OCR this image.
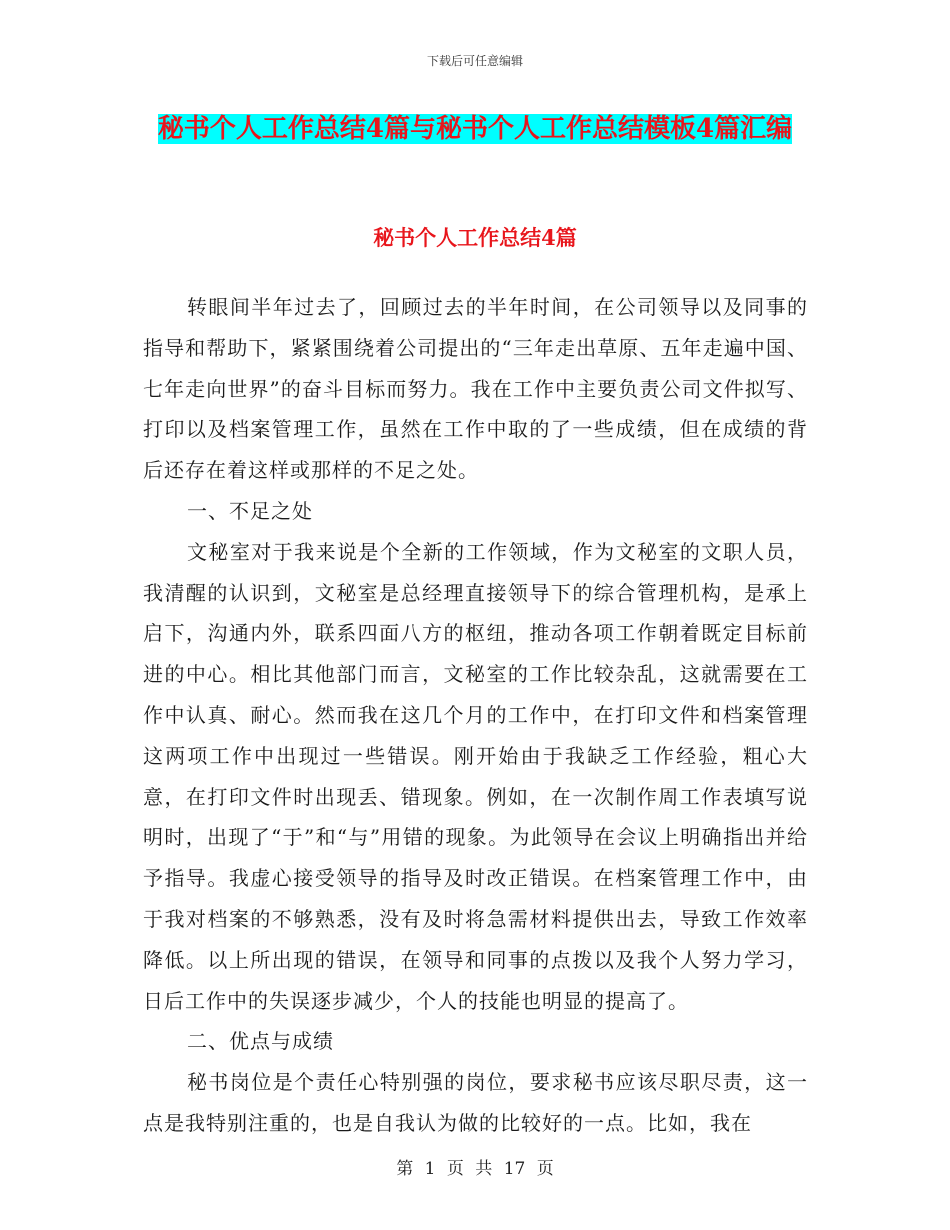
下载后可任意编辑
秘书个人工作总结4篇与秘书个人工作总结模板4篇汇编
秘书个人工作总结4篇

转眼间半年过去了，回顾过去的半年时间，在公司领导以及同事的指导和帮助下，紧紧围绕着公司提出的“三年走出草原、五年走遍中国、七年走向世界”的奋斗目标而努力。我在工作中主要负责公司文件拟写、打印以及档案管理工作，虽然在工作中取的了一些成绩，但在成绩的背后还存在着这样或那样的不足之处。

一、不足之处

文秘室对于我来说是个全新的工作领域，作为文秘室的文职人员，我清醒的认识到，文秘室是总经理直接领导下的综合管理机构，是承上启下，沟通内外，联系四面八方的枢纽，推动各项工作朝着既定目标前进的中心。相比其他部门而言，文秘室的工作比较杂乱，这就需要在工作中认真、耐心。然而我在这几个月的工作中，在打印文件和档案管理这两项工作中出现过一些错误。刚开始由于我缺乏工作经验，粗心大意，在打印文件时出现丢、错现象。例如，在一次制作周工作表填写说明时，出现了“于”和“与”用错的现象。为此领导在会议上明确指出并给予指导。我虚心接受领导的指导及时改正错误。在档案管理工作中，由于我对档案的不够熟悉，没有及时将急需材料提供出去，导致工作效率降低。以上所出现的错误，在领导和同事的点拨以及我个人努力学习，日后工作中的失误逐步减少，个人的技能也明显的提高了。

二、优点与成绩

秘书岗位是个责任心特别强的岗位，要求秘书应该尽职尽责，这一点是我特别注重的，也是自我认为做的比较好的一点。比如，我在

第 1 页 共 17 页
